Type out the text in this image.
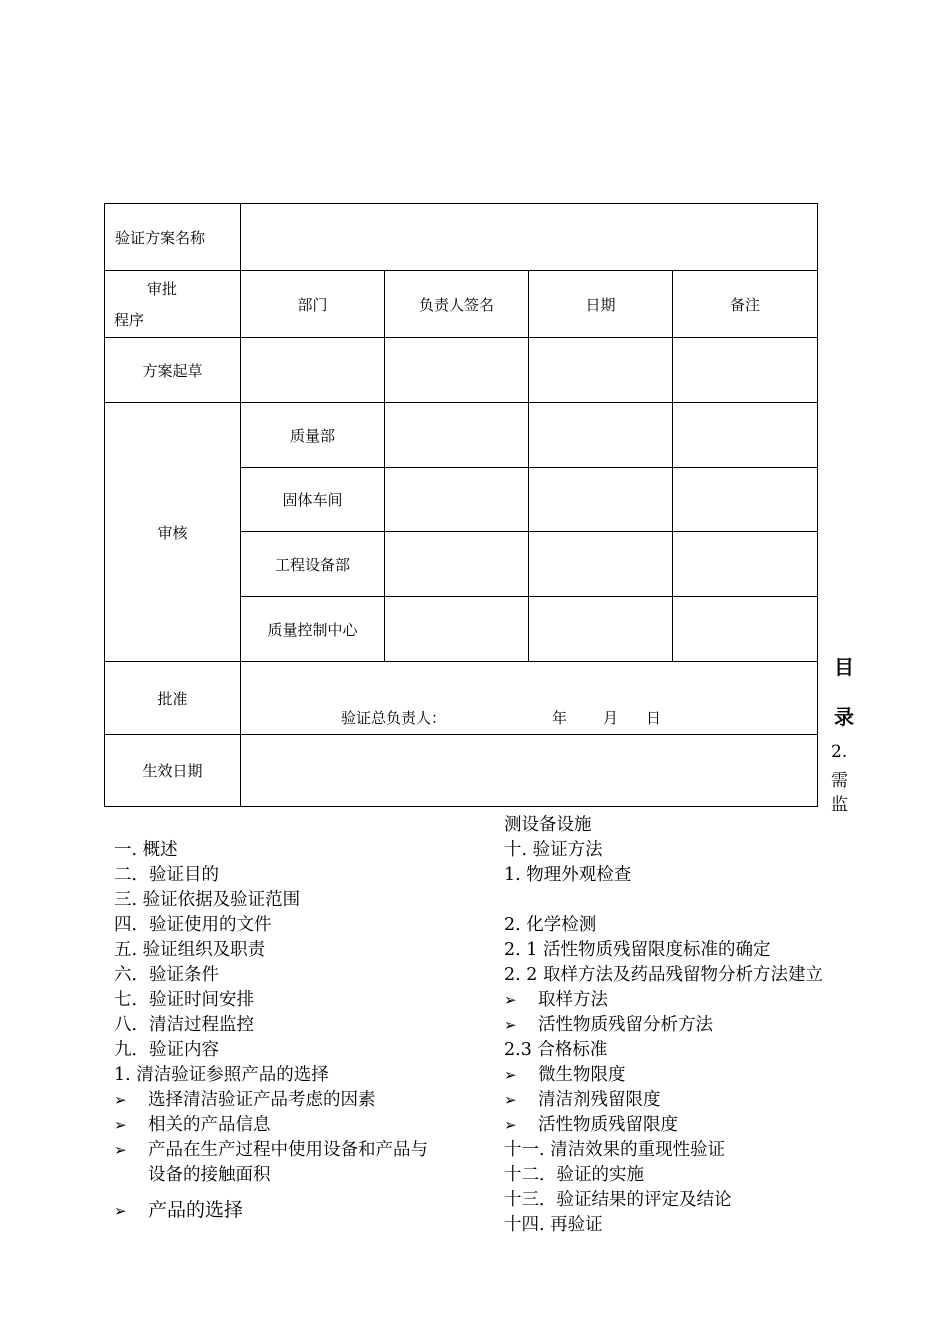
验证方案名称				

审批
程序	部门	负责人签名	日期	备注
方案起草				
审核	质量部			
	固体车间			
	工程设备部			
	质量控制中心			
批准	验证总负责人： 年 月 日			

生效日期				
目
录
2.
需
监
一. 概述
二．验证目的
三. 验证依据及验证范围
四．验证使用的文件
五. 验证组织及职责
六．验证条件
七．验证时间安排
八．清洁过程监控
九．验证内容
1. 清洁验证参照产品的选择
➢ 选择清洁验证产品考虑的因素
➢ 相关的产品信息
➢ 产品在生产过程中使用设备和产品与
设备的接触面积
➢ 产品的选择
测设备设施
十. 验证方法
1. 物理外观检查
2. 化学检测
2. 1 活性物质残留限度标准的确定
2. 2 取样方法及药品残留物分析方法建立
➢ 取样方法
➢ 活性物质残留分析方法
2.3 合格标准
➢ 微生物限度
➢ 清洁剂残留限度
➢ 活性物质残留限度
十一. 清洁效果的重现性验证
十二．验证的实施
十三．验证结果的评定及结论
十四. 再验证
